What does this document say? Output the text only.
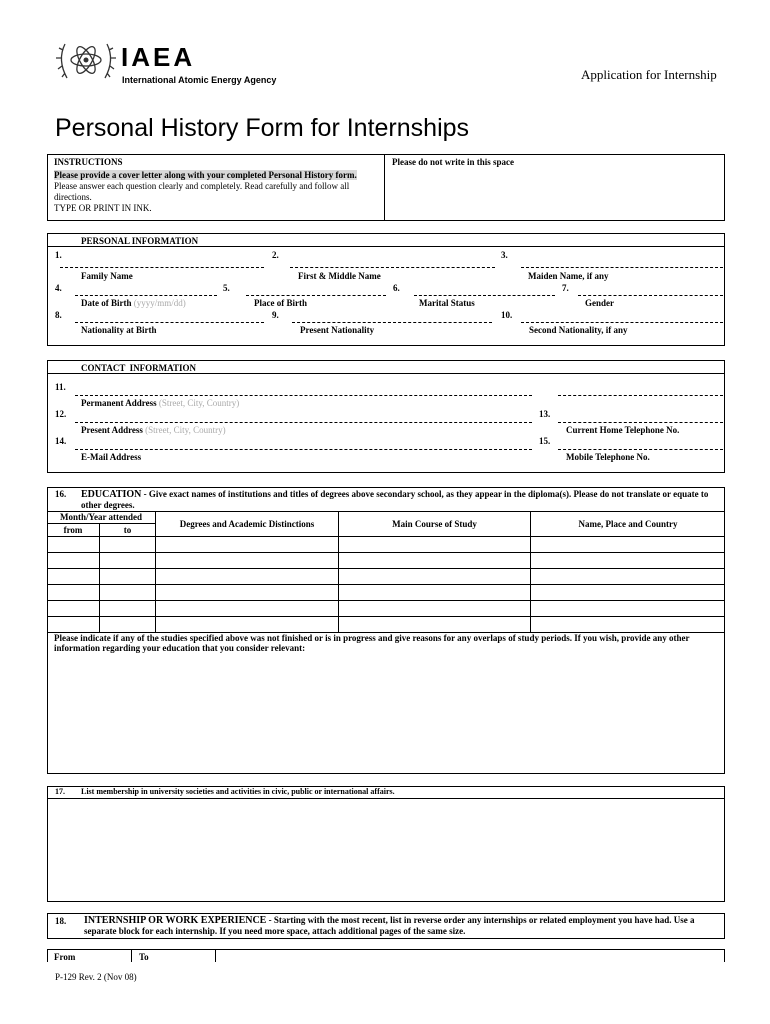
IAEA
International Atomic Energy Agency	Application for Internship
Personal History Form for Internships
INSTRUCTIONS
Please provide a cover letter along with your completed Personal History form. Please answer each question clearly and completely. Read carefully and follow all directions.
TYPE OR PRINT IN INK.
Please do not write in this space
PERSONAL INFORMATION
1.	2.	3.
Family Name	First & Middle Name	Maiden Name, if any
4.	5.	6.	7.
Date of Birth (yyyy/mm/dd)	Place of Birth	Marital Status	Gender
8.	9.	10.
Nationality at Birth	Present Nationality	Second Nationality, if any
CONTACT  INFORMATION
11.
Permanent Address (Street, City, Country)
12.	13.
Present Address (Street, City, Country)	Current Home Telephone No.
14.	15.
E-Mail Address	Mobile Telephone No.
16. EDUCATION - Give exact names of institutions and titles of degrees above secondary school, as they appear in the diploma(s). Please do not translate or equate to other degrees.
Month/Year attended		Degrees and Academic Distinctions	Main Course of Study	Name, Place and Country
from	to			

Please indicate if any of the studies specified above was not finished or is in progress and give reasons for any overlaps of study periods. If you wish, provide any other information regarding your education that you consider relevant:
17. List membership in university societies and activities in civic, public or international affairs.
18. INTERNSHIP OR WORK EXPERIENCE - Starting with the most recent, list in reverse order any internships or related employment you have had. Use a separate block for each internship. If you need more space, attach additional pages of the same size.
From	To
P-129 Rev. 2 (Nov 08)
